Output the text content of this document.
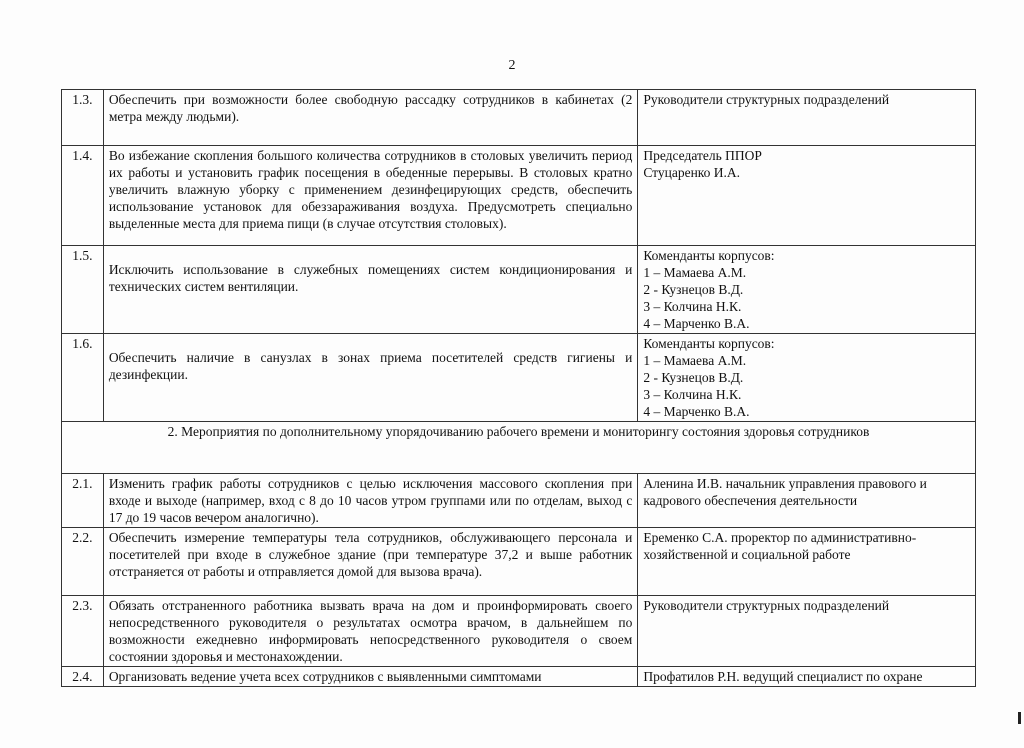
2
1.3.	Обеспечить при возможности более свободную рассадку сотрудников в кабинетах (2 метра между людьми).	Руководители структурных подразделений

1.4.	Во избежание скопления большого количества сотрудников в столовых увеличить период их работы и установить график посещения в обеденные перерывы. В столовых кратно увеличить влажную уборку с применением дезинфецирующих средств, обеспечить использование установок для обеззараживания воздуха. Предусмотреть специально выделенные места для приема пищи (в случае отсутствия столовых).	Председатель ППОР
Стуцаренко И.А.

1.5.	Исключить использование в служебных помещениях систем кондиционирования и технических систем вентиляции.	Коменданты корпусов:
1 – Мамаева А.М.
2 - Кузнецов В.Д.
3 – Колчина Н.К.
4 – Марченко В.А.

1.6.	Обеспечить наличие в санузлах в зонах приема посетителей средств гигиены и дезинфекции.	Коменданты корпусов:
1 – Мамаева А.М.
2 - Кузнецов В.Д.
3 – Колчина Н.К.
4 – Марченко В.А.

2. Мероприятия по дополнительному упорядочиванию рабочего времени и мониторингу состояния здоровья сотрудников		
2.1.	Изменить график работы сотрудников с целью исключения массового скопления при входе и выходе (например, вход с 8 до 10 часов утром группами или по отделам, выход с 17 до 19 часов вечером аналогично).	Аленина И.В. начальник управления правового и кадрового обеспечения деятельности

2.2.	Обеспечить измерение температуры тела сотрудников, обслуживающего персонала и посетителей при входе в служебное здание (при температуре 37,2 и выше работник отстраняется от работы и отправляется домой для вызова врача).	Еременко С.А. проректор по административно-хозяйственной и социальной работе

2.3.	Обязать отстраненного работника вызвать врача на дом и проинформировать своего непосредственного руководителя о результатах осмотра врачом, в дальнейшем по возможности ежедневно информировать непосредственного руководителя о своем состоянии здоровья и местонахождении.	Руководители структурных подразделений

2.4.	Организовать ведение учета всех сотрудников с выявленными симптомами	Профатилов Р.Н. ведущий специалист по охране
